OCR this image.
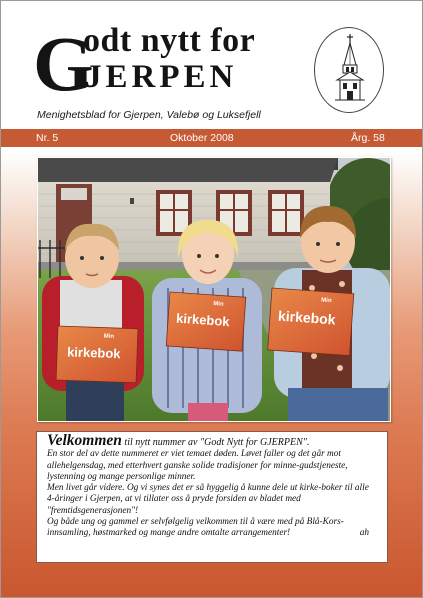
G
odt nytt for
JERPEN
Menighetsblad for Gjerpen, Valebø og Luksefjell
Nr. 5	Oktober 2008	Årg. 58
Min
kirkebok
Min
kirkebok
Min
kirkebok

Velkommen til nytt nummer av "Godt Nytt for GJERPEN".

En stor del av dette nummeret er viet temaet døden. Løvet faller og det går mot allehelgensdag, med etterhvert ganske solide tradisjoner for minne-gudstjeneste, lystenning og mange personlige minner.

Men livet går videre. Og vi synes det er så hyggelig å kunne dele ut kirke-boker til alle 4-åringer i Gjerpen, at vi tillater oss å pryde forsiden av bladet med "fremtidsgenerasjonen"!

Og både ung og gammel er selvfølgelig velkommen til å være med på Blå-Kors-innsamling, høstmarked og mange andre omtalte arrangementer!	ah
